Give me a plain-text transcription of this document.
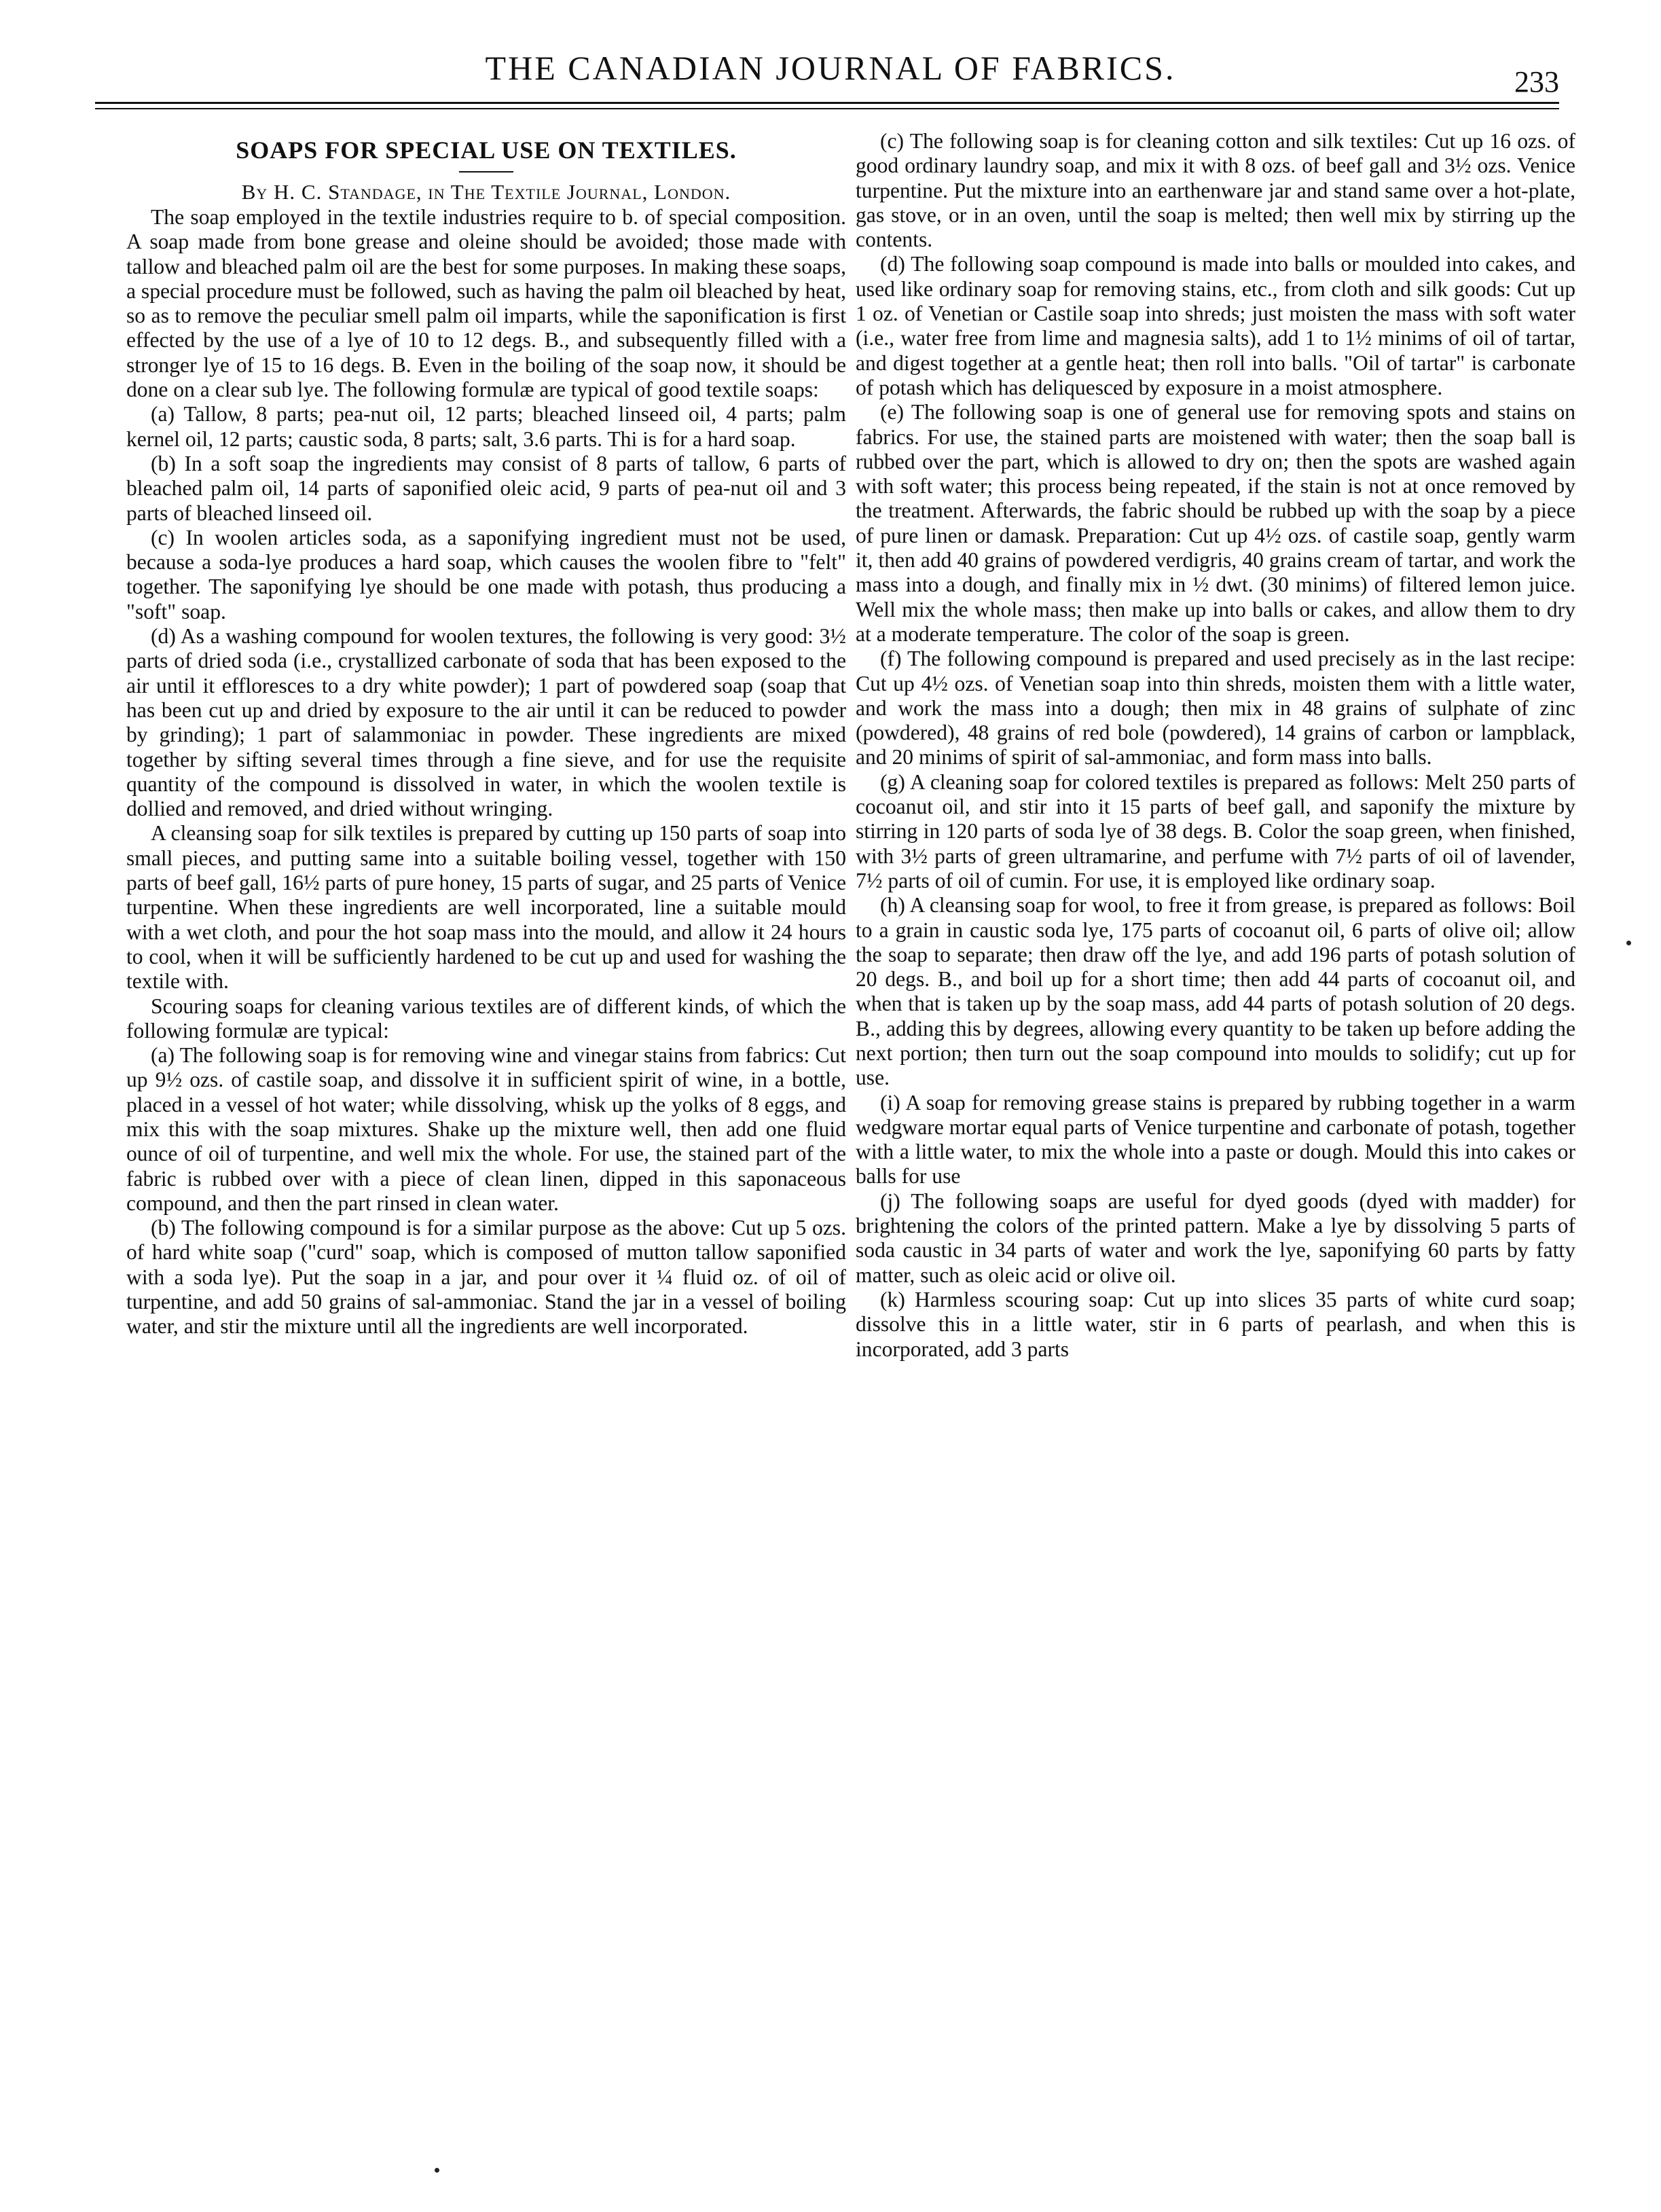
THE CANADIAN JOURNAL OF FABRICS.	233
SOAPS FOR SPECIAL USE ON TEXTILES.
By H. C. Standage, in The Textile Journal, London.

The soap employed in the textile industries require to b. of special composition. A soap made from bone grease and oleine should be avoided; those made with tallow and bleached palm oil are the best for some purposes. In making these soaps, a special procedure must be followed, such as having the palm oil bleached by heat, so as to remove the peculiar smell palm oil imparts, while the saponification is first effected by the use of a lye of 10 to 12 degs. B., and subsequently filled with a stronger lye of 15 to 16 degs. B. Even in the boiling of the soap now, it should be done on a clear sub lye. The following formulæ are typical of good textile soaps:

(a) Tallow, 8 parts; pea-nut oil, 12 parts; bleached linseed oil, 4 parts; palm kernel oil, 12 parts; caustic soda, 8 parts; salt, 3.6 parts. Thi is for a hard soap.

(b) In a soft soap the ingredients may consist of 8 parts of tallow, 6 parts of bleached palm oil, 14 parts of saponified oleic acid, 9 parts of pea-nut oil and 3 parts of bleached linseed oil.

(c) In woolen articles soda, as a saponifying ingredient must not be used, because a soda-lye produces a hard soap, which causes the woolen fibre to "felt" together. The saponifying lye should be one made with potash, thus producing a "soft" soap.

(d) As a washing compound for woolen textures, the following is very good: 3½ parts of dried soda (i.e., crystallized carbonate of soda that has been exposed to the air until it effloresces to a dry white powder); 1 part of powdered soap (soap that has been cut up and dried by exposure to the air until it can be reduced to powder by grinding); 1 part of salammoniac in powder. These ingredients are mixed together by sifting several times through a fine sieve, and for use the requisite quantity of the compound is dissolved in water, in which the woolen textile is dollied and removed, and dried without wringing.

A cleansing soap for silk textiles is prepared by cutting up 150 parts of soap into small pieces, and putting same into a suitable boiling vessel, together with 150 parts of beef gall, 16½ parts of pure honey, 15 parts of sugar, and 25 parts of Venice turpentine. When these ingredients are well incorporated, line a suitable mould with a wet cloth, and pour the hot soap mass into the mould, and allow it 24 hours to cool, when it will be sufficiently hardened to be cut up and used for washing the textile with.

Scouring soaps for cleaning various textiles are of different kinds, of which the following formulæ are typical:

(a) The following soap is for removing wine and vinegar stains from fabrics: Cut up 9½ ozs. of castile soap, and dissolve it in sufficient spirit of wine, in a bottle, placed in a vessel of hot water; while dissolving, whisk up the yolks of 8 eggs, and mix this with the soap mixtures. Shake up the mixture well, then add one fluid ounce of oil of turpentine, and well mix the whole. For use, the stained part of the fabric is rubbed over with a piece of clean linen, dipped in this saponaceous compound, and then the part rinsed in clean water.

(b) The following compound is for a similar purpose as the above: Cut up 5 ozs. of hard white soap ("curd" soap, which is composed of mutton tallow saponified with a soda lye). Put the soap in a jar, and pour over it ¼ fluid oz. of oil of turpentine, and add 50 grains of sal-ammoniac. Stand the jar in a vessel of boiling water, and stir the mixture until all the ingredients are well incorporated.

(c) The following soap is for cleaning cotton and silk textiles: Cut up 16 ozs. of good ordinary laundry soap, and mix it with 8 ozs. of beef gall and 3½ ozs. Venice turpentine. Put the mixture into an earthenware jar and stand same over a hot-plate, gas stove, or in an oven, until the soap is melted; then well mix by stirring up the contents.

(d) The following soap compound is made into balls or moulded into cakes, and used like ordinary soap for removing stains, etc., from cloth and silk goods: Cut up 1 oz. of Venetian or Castile soap into shreds; just moisten the mass with soft water (i.e., water free from lime and magnesia salts), add 1 to 1½ minims of oil of tartar, and digest together at a gentle heat; then roll into balls. "Oil of tartar" is carbonate of potash which has deliquesced by exposure in a moist atmosphere.

(e) The following soap is one of general use for removing spots and stains on fabrics. For use, the stained parts are moistened with water; then the soap ball is rubbed over the part, which is allowed to dry on; then the spots are washed again with soft water; this process being repeated, if the stain is not at once removed by the treatment. Afterwards, the fabric should be rubbed up with the soap by a piece of pure linen or damask. Preparation: Cut up 4½ ozs. of castile soap, gently warm it, then add 40 grains of powdered verdigris, 40 grains cream of tartar, and work the mass into a dough, and finally mix in ½ dwt. (30 minims) of filtered lemon juice. Well mix the whole mass; then make up into balls or cakes, and allow them to dry at a moderate temperature. The color of the soap is green.

(f) The following compound is prepared and used precisely as in the last recipe: Cut up 4½ ozs. of Venetian soap into thin shreds, moisten them with a little water, and work the mass into a dough; then mix in 48 grains of sulphate of zinc (powdered), 48 grains of red bole (powdered), 14 grains of carbon or lampblack, and 20 minims of spirit of sal-ammoniac, and form mass into balls.

(g) A cleaning soap for colored textiles is prepared as follows: Melt 250 parts of cocoanut oil, and stir into it 15 parts of beef gall, and saponify the mixture by stirring in 120 parts of soda lye of 38 degs. B. Color the soap green, when finished, with 3½ parts of green ultramarine, and perfume with 7½ parts of oil of lavender, 7½ parts of oil of cumin. For use, it is employed like ordinary soap.

(h) A cleansing soap for wool, to free it from grease, is prepared as follows: Boil to a grain in caustic soda lye, 175 parts of cocoanut oil, 6 parts of olive oil; allow the soap to separate; then draw off the lye, and add 196 parts of potash solution of 20 degs. B., and boil up for a short time; then add 44 parts of cocoanut oil, and when that is taken up by the soap mass, add 44 parts of potash solution of 20 degs. B., adding this by degrees, allowing every quantity to be taken up before adding the next portion; then turn out the soap compound into moulds to solidify; cut up for use.

(i) A soap for removing grease stains is prepared by rubbing together in a warm wedgware mortar equal parts of Venice turpentine and carbonate of potash, together with a little water, to mix the whole into a paste or dough. Mould this into cakes or balls for use

(j) The following soaps are useful for dyed goods (dyed with madder) for brightening the colors of the printed pattern. Make a lye by dissolving 5 parts of soda caustic in 34 parts of water and work the lye, saponifying 60 parts by fatty matter, such as oleic acid or olive oil.

(k) Harmless scouring soap: Cut up into slices 35 parts of white curd soap; dissolve this in a little water, stir in 6 parts of pearlash, and when this is incorporated, add 3 parts
